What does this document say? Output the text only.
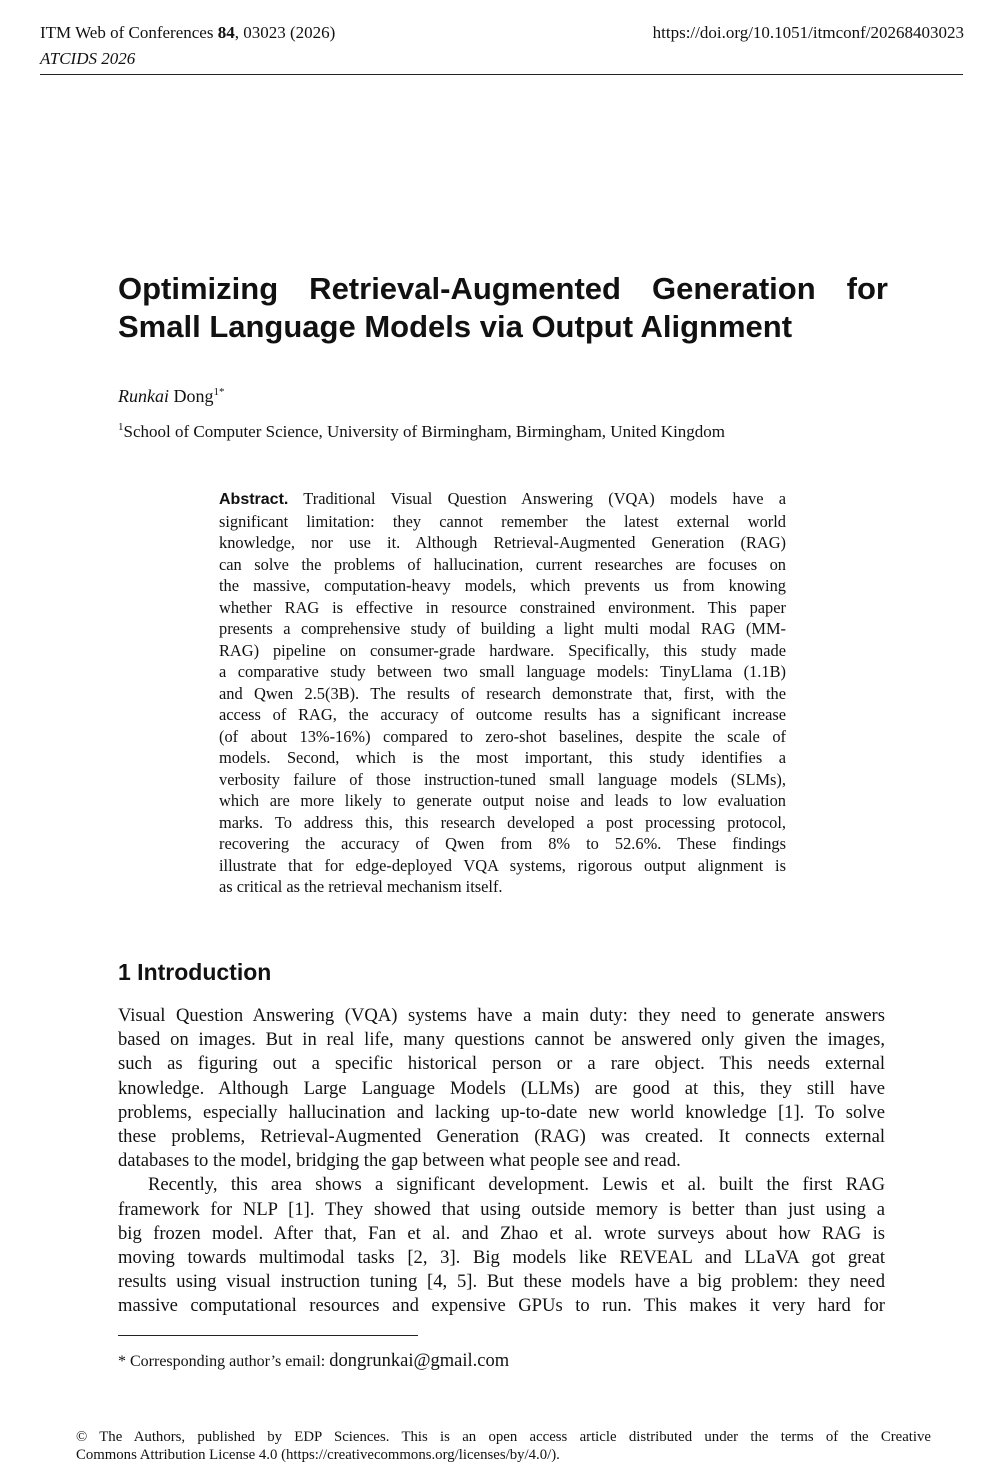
ITM Web of Conferences 84, 03023 (2026)
ATCIDS 2026
https://doi.org/10.1051/itmconf/20268403023
Optimizing Retrieval-Augmented Generation for
Small Language Models via Output Alignment
Runkai Dong$^{1*}$
$^1$School of Computer Science, University of Birmingham, Birmingham, United Kingdom
Abstract. Traditional Visual Question Answering (VQA) models have a
significant limitation: they cannot remember the latest external world
knowledge, nor use it. Although Retrieval-Augmented Generation (RAG)
can solve the problems of hallucination, current researches are focuses on
the massive, computation-heavy models, which prevents us from knowing
whether RAG is effective in resource constrained environment. This paper
presents a comprehensive study of building a light multi modal RAG (MM-
RAG) pipeline on consumer-grade hardware. Specifically, this study made
a comparative study between two small language models: TinyLlama (1.1B)
and Qwen 2.5(3B). The results of research demonstrate that, first, with the
access of RAG, the accuracy of outcome results has a significant increase
(of about 13%-16%) compared to zero-shot baselines, despite the scale of
models. Second, which is the most important, this study identifies a
verbosity failure of those instruction-tuned small language models (SLMs),
which are more likely to generate output noise and leads to low evaluation
marks. To address this, this research developed a post processing protocol,
recovering the accuracy of Qwen from 8% to 52.6%. These findings
illustrate that for edge-deployed VQA systems, rigorous output alignment is
as critical as the retrieval mechanism itself.
1 Introduction
Visual Question Answering (VQA) systems have a main duty: they need to generate answers
based on images. But in real life, many questions cannot be answered only given the images,
such as figuring out a specific historical person or a rare object. This needs external
knowledge. Although Large Language Models (LLMs) are good at this, they still have
problems, especially hallucination and lacking up-to-date new world knowledge [1]. To solve
these problems, Retrieval-Augmented Generation (RAG) was created. It connects external
databases to the model, bridging the gap between what people see and read.
Recently, this area shows a significant development. Lewis et al. built the first RAG
framework for NLP [1]. They showed that using outside memory is better than just using a
big frozen model. After that, Fan et al. and Zhao et al. wrote surveys about how RAG is
moving towards multimodal tasks [2, 3]. Big models like REVEAL and LLaVA got great
results using visual instruction tuning [4, 5]. But these models have a big problem: they need
massive computational resources and expensive GPUs to run. This makes it very hard for
* Corresponding author’s email: dongrunkai@gmail.com
© The Authors, published by EDP Sciences. This is an open access article distributed under the terms of the Creative
Commons Attribution License 4.0 (https://creativecommons.org/licenses/by/4.0/).
